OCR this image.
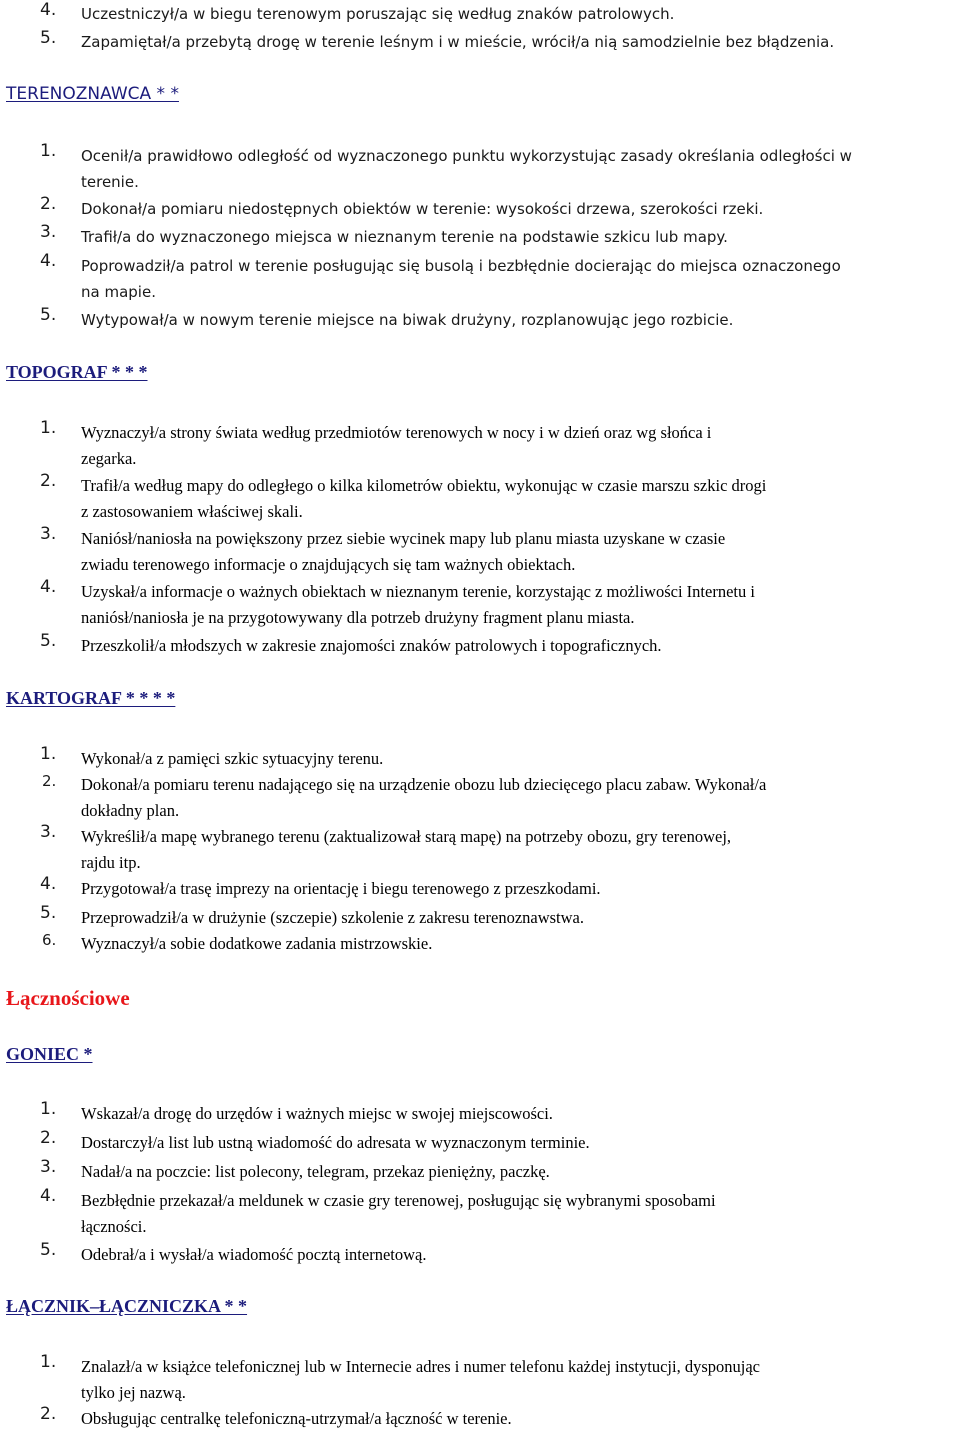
4. Uczestniczył/a w biegu terenowym poruszając się według znaków patrolowych.
5. Zapamiętał/a przebytą drogę w terenie leśnym i w mieście, wrócił/a nią samodzielnie bez błądzenia.
TERENOZNAWCA * *
1. Ocenił/a prawidłowo odległość od wyznaczonego punktu wykorzystując zasady określania odległości w
terenie.
2. Dokonał/a pomiaru niedostępnych obiektów w terenie: wysokości drzewa, szerokości rzeki.
3. Trafił/a do wyznaczonego miejsca w nieznanym terenie na podstawie szkicu lub mapy.
4. Poprowadził/a patrol w terenie posługując się busolą i bezbłędnie docierając do miejsca oznaczonego
na mapie.
5. Wytypował/a w nowym terenie miejsce na biwak drużyny, rozplanowując jego rozbicie.
TOPOGRAF * * *
1. Wyznaczył/a strony świata według przedmiotów terenowych w nocy i w dzień oraz wg słońca i
zegarka.
2. Trafił/a według mapy do odległego o kilka kilometrów obiektu, wykonując w czasie marszu szkic drogi
z zastosowaniem właściwej skali.
3. Naniósł/naniosła na powiększony przez siebie wycinek mapy lub planu miasta uzyskane w czasie
zwiadu terenowego informacje o znajdujących się tam ważnych obiektach.
4. Uzyskał/a informacje o ważnych obiektach w nieznanym terenie, korzystając z możliwości Internetu i
naniósł/naniosła je na przygotowywany dla potrzeb drużyny fragment planu miasta.
5. Przeszkolił/a młodszych w zakresie znajomości znaków patrolowych i topograficznych.
KARTOGRAF * * * *
1. Wykonał/a z pamięci szkic sytuacyjny terenu.
2. Dokonał/a pomiaru terenu nadającego się na urządzenie obozu lub dziecięcego placu zabaw. Wykonał/a
dokładny plan.
3. Wykreślił/a mapę wybranego terenu (zaktualizował starą mapę) na potrzeby obozu, gry terenowej,
rajdu itp.
4. Przygotował/a trasę imprezy na orientację i biegu terenowego z przeszkodami.
5. Przeprowadził/a w drużynie (szczepie) szkolenie z zakresu terenoznawstwa.
6. Wyznaczył/a sobie dodatkowe zadania mistrzowskie.
Łącznościowe
GONIEC *
1. Wskazał/a drogę do urzędów i ważnych miejsc w swojej miejscowości.
2. Dostarczył/a list lub ustną wiadomość do adresata w wyznaczonym terminie.
3. Nadał/a na poczcie: list polecony, telegram, przekaz pieniężny, paczkę.
4. Bezbłędnie przekazał/a meldunek w czasie gry terenowej, posługując się wybranymi sposobami
łączności.
5. Odebrał/a i wysłał/a wiadomość pocztą internetową.
ŁĄCZNIK–ŁĄCZNICZKA * *
1. Znalazł/a w książce telefonicznej lub w Internecie adres i numer telefonu każdej instytucji, dysponując
tylko jej nazwą.
2. Obsługując centralkę telefoniczną-utrzymał/a łączność w terenie.
